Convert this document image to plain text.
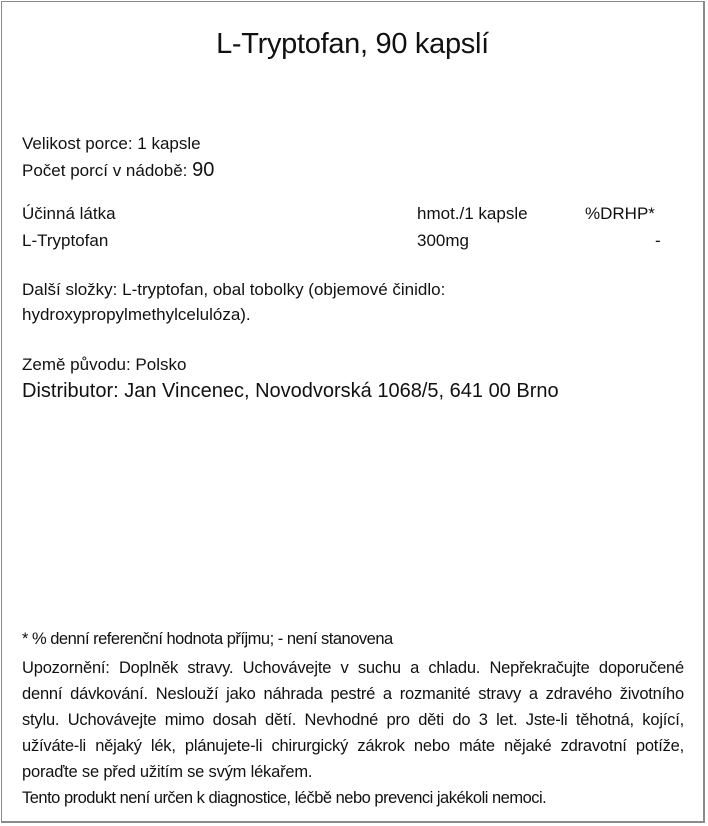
L-Tryptofan, 90 kapslí
Velikost porce: 1 kapsle
Počet porcí v nádobě: 90
Účinná látka	hmot./1 kapsle	%DRHP*
L-Tryptofan	300mg	-
Další složky: L-tryptofan, obal tobolky (objemové činidlo:
hydroxypropylmethylcelulóza).
Země původu: Polsko
Distributor: Jan Vincenec, Novodvorská 1068/5, 641 00 Brno
* % denní referenční hodnota příjmu; - není stanovena
Upozornění: Doplněk stravy. Uchovávejte v suchu a chladu. Nepřekračujte doporučené denní dávkování. Neslouží jako náhrada pestré a rozmanité stravy a zdravého životního stylu. Uchovávejte mimo dosah dětí. Nevhodné pro děti do 3 let. Jste-li těhotná, kojící, užíváte-li nějaký lék, plánujete-li chirurgický zákrok nebo máte nějaké zdravotní potíže, poraďte se před užitím se svým lékařem.
Tento produkt není určen k diagnostice, léčbě nebo prevenci jakékoli nemoci.
